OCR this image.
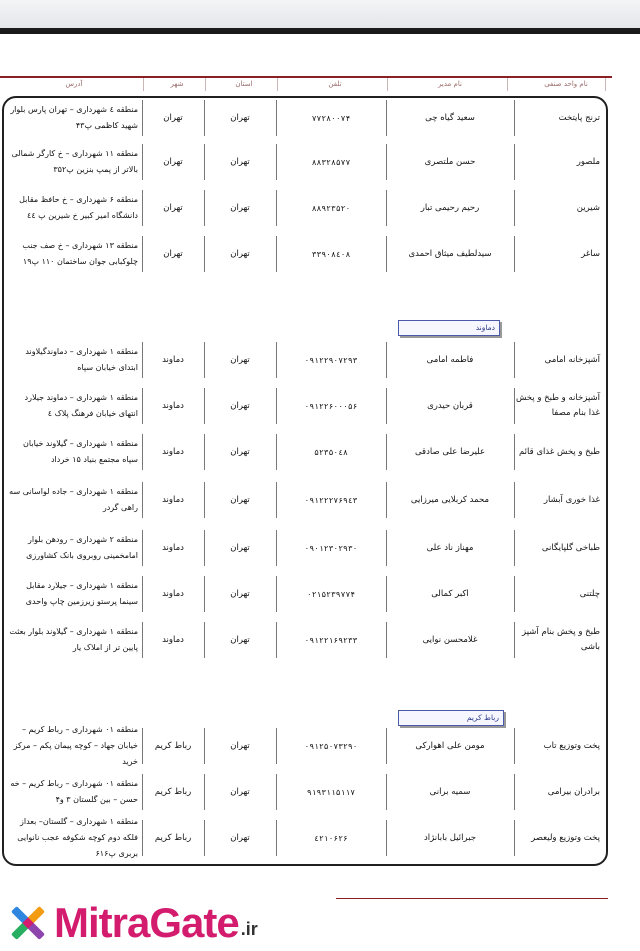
نام واحد صنفی
نام مدیر
تلفن
استان
شهر
آدرس
ترنج پایتخت
سعید گیاه چی
۷۷۲۸۰۰۷۴
تهران
تهران
منطقه ٤ شهرداری – تهران پارس بلوار شهید کاظمی پ۴۳
ملصور
حسن ملتصری
۸۸۳۲۸۵۷۷
تهران
تهران
منطقه ۱۱ شهرداری – خ کارگر شمالی بالاتر از پمپ بنزین پ۳۵۲
شیرین
رحیم رحیمی تبار
۸۸۹۲۳۵۲۰
تهران
تهران
منطقه ۶ شهرداری – خ حافظ مقابل دانشگاه امیر کبیر خ شیرین پ ٤٤
ساغر
سیدلطیف میثاق احمدی
۳۳۹۰۸٤۰۸
تهران
تهران
منطقه ۱۳ شهرداری – خ صف جنب چلوکبابی جوان ساختمان ۱۱۰ پ۱۹
آشپزخانه امامی
فاطمه امامی
۰۹۱۲۲۹۰۷۲۹۳
تهران
دماوند
منطقه ۱ شهرداری – دماوندگیلاوند ابتدای خیابان سپاه
آشپزخانه و طبخ و پخش غذا بنام مصفا
قربان حیدری
۰۹۱۲۲۶۰۰۰۵۶
تهران
دماوند
منطقه ۱ شهرداری – دماوند جیلارد انتهای خیابان فرهنگ پلاک ٤
طبخ و پخش غذای قائم
علیرضا علی صادقی
۵۲۳۵۰٤۸
تهران
دماوند
منطقه ۱ شهرداری – گیلاوند خیابان سپاه مجتمع بنیاد ۱۵ خرداد
غذا خوری آبشار
محمد کربلایی میرزایی
۰۹۱۲۲۲۷۶۹٤۳
تهران
دماوند
منطقه ۱ شهرداری – جاده لواسانی سه راهی گردر
طباخی گلپایگانی
مهناز ناد علی
۰۹۰۱۲۳۰۲۹۳۰
تهران
دماوند
منطقه ۲ شهرداری – رودهن بلوار امامخمینی روبروی بانک کشاورزی
چلتنی
اکبر کمالی
۰۲۱۵۲۳۹۷۷۴
تهران
دماوند
منطقه ۱ شهرداری – جیلارد مقابل سینما پرستو زیرزمین چاپ واحدی
طبخ و پخش بنام آشپز باشی
غلامحسن نوایی
۰۹۱۲۲۱۶۹۲۳۳
تهران
دماوند
منطقه ۱ شهرداری – گیلاوند بلوار بعثت پایین تر از املاک یار
پخت وتوزیع تاب
مومن علی اهوارکی
۰۹۱۲۵۰۷۳۲۹۰
تهران
رباط کریم
منطقه ۰۱ شهرداری – رباط کریم – خیابان جهاد – کوچه پیمان پکم – مرکز خرید
برادران بیرامی
سمیه برانی
۹۱۹۳۱۱۵۱۱۷
تهران
رباط کریم
منطقه ۰۱ شهرداری – رباط کریم – خه حسن – بین گلستان ۳ و۴
پخت وتوزیع ولیعصر
جبرائیل بابانژاد
٤۲۱۰۶۲۶
تهران
رباط کریم
منطقه ۱ شهرداری – گلستان– بعداز فلکه دوم کوچه شکوفه عجب نانوایی بربری پ۶۱۶
دماوند
رباط کریم
MitraGate .ir
